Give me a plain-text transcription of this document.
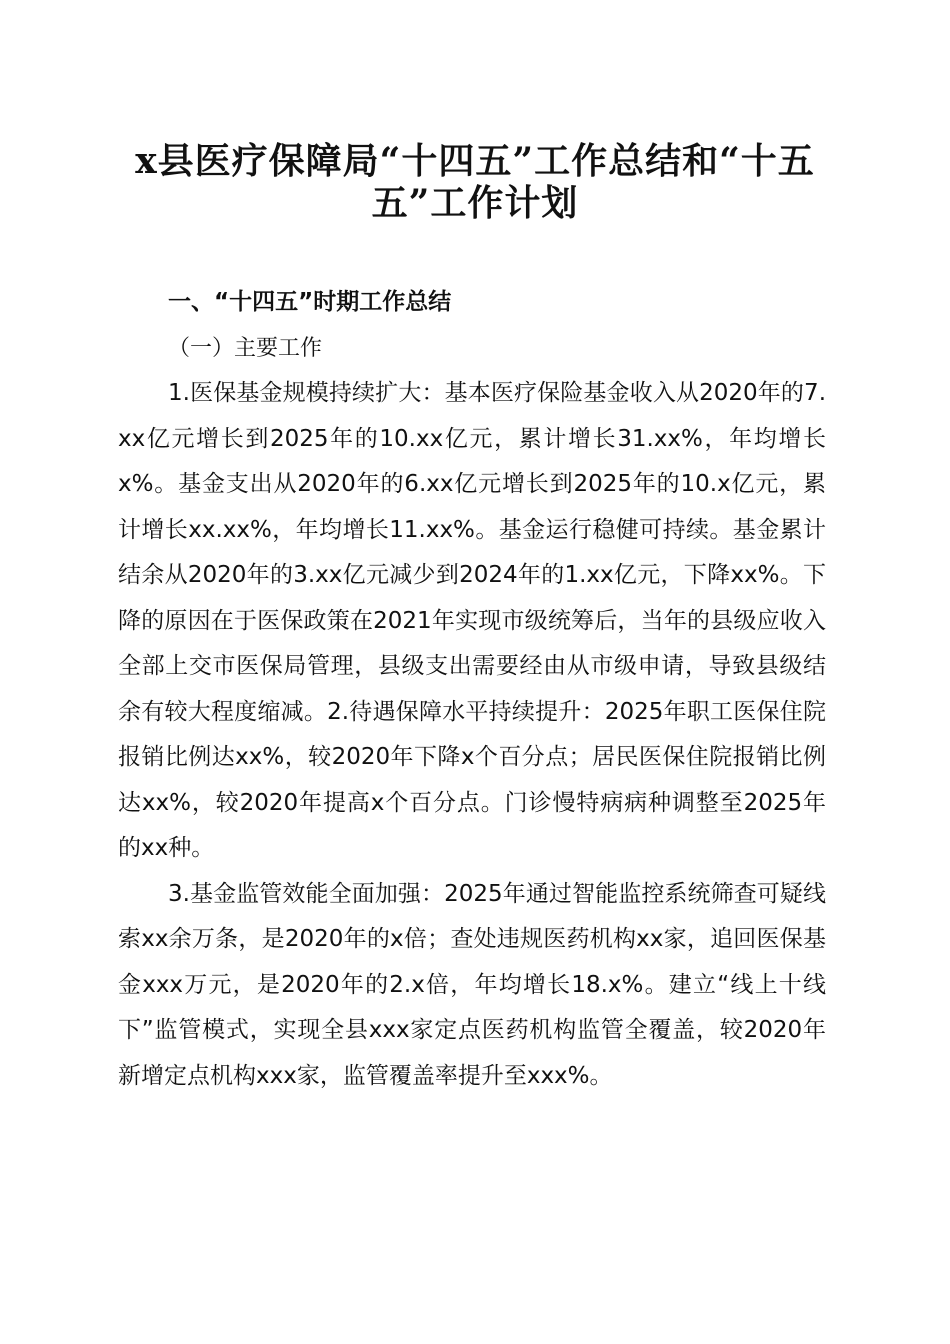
x县医疗保障局“十四五”工作总结和“十五
五”工作计划

一、“十四五”时期工作总结

（一）主要工作

1.医保基金规模持续扩大：基本医疗保险基金收入从2020年的7.xx亿元增长到2025年的10.xx亿元，累计增长31.xx%，年均增长x%。基金支出从2020年的6.xx亿元增长到2025年的10.x亿元，累计增长xx.xx%，年均增长11.xx%。基金运行稳健可持续。基金累计结余从2020年的3.xx亿元减少到2024年的1.xx亿元，下降xx%。下降的原因在于医保政策在2021年实现市级统筹后，当年的县级应收入全部上交市医保局管理，县级支出需要经由从市级申请，导致县级结余有较大程度缩减。2.待遇保障水平持续提升：2025年职工医保住院报销比例达xx%，较2020年下降x个百分点；居民医保住院报销比例达xx%，较2020年提高x个百分点。门诊慢特病病种调整至2025年的xx种。

3.基金监管效能全面加强：2025年通过智能监控系统筛查可疑线索xx余万条，是2020年的x倍；查处违规医药机构xx家，追回医保基金xxx万元，是2020年的2.x倍，年均增长18.x%。建立“线上十线下”监管模式，实现全县xxx家定点医药机构监管全覆盖，较2020年新增定点机构xxx家，监管覆盖率提升至xxx%。
